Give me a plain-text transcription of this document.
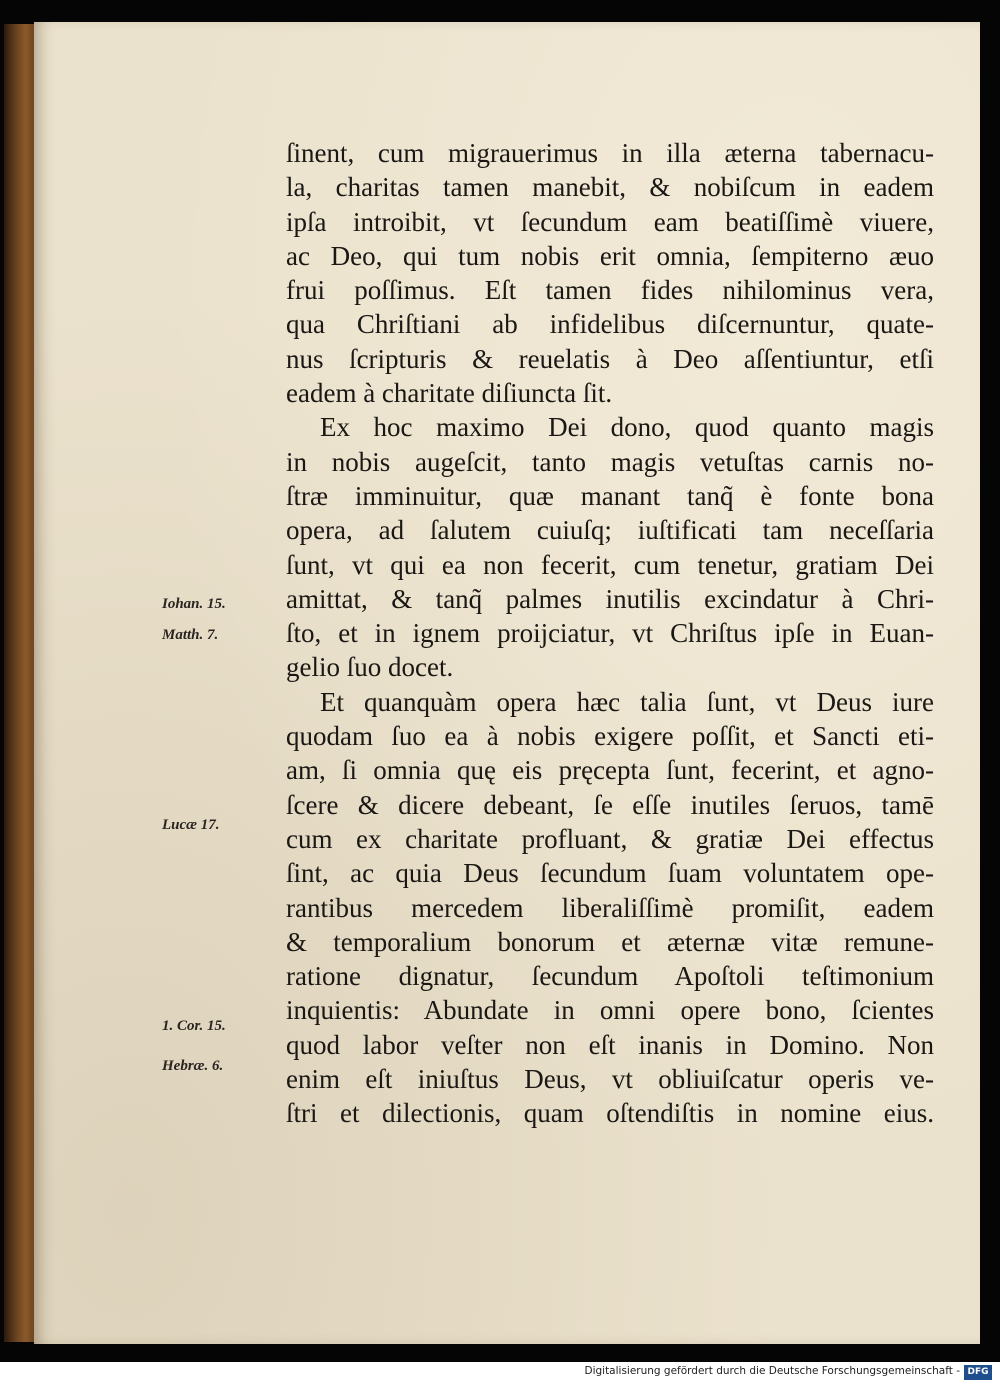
ſinent, cum migrauerimus in illa æterna tabernacu-
la, charitas tamen manebit, & nobiſcum in eadem
ipſa introibit, vt ſecundum eam beatiſſimè viuere,
ac Deo, qui tum nobis erit omnia, ſempiterno æuo
frui poſſimus. Eſt tamen fides nihilominus vera,
qua Chriſtiani ab infidelibus diſcernuntur, quate-
nus ſcripturis & reuelatis à Deo aſſentiuntur, etſi
eadem à charitate diſiuncta ſit.
Ex hoc maximo Dei dono, quod quanto magis
in nobis augeſcit, tanto magis vetuſtas carnis no-
ſtræ imminuitur, quæ manant tanq̃ è fonte bona
opera, ad ſalutem cuiuſq; iuſtificati tam neceſſaria
ſunt, vt qui ea non fecerit, cum tenetur, gratiam Dei
amittat, & tanq̃ palmes inutilis excindatur à Chri-
ſto, et in ignem proijciatur, vt Chriſtus ipſe in Euan-
gelio ſuo docet.
Et quanquàm opera hæc talia ſunt, vt Deus iure
quodam ſuo ea à nobis exigere poſſit, et Sancti eti-
am, ſi omnia quę eis pręcepta ſunt, fecerint, et agno-
ſcere & dicere debeant, ſe eſſe inutiles ſeruos, tamē
cum ex charitate profluant, & gratiæ Dei effectus
ſint, ac quia Deus ſecundum ſuam voluntatem ope-
rantibus mercedem liberaliſſimè promiſit, eadem
& temporalium bonorum et æternæ vitæ remune-
ratione dignatur, ſecundum Apoſtoli teſtimonium
inquientis: Abundate in omni opere bono, ſcientes
quod labor veſter non eſt inanis in Domino. Non
enim eſt iniuſtus Deus, vt obliuiſcatur operis ve-
ſtri et dilectionis, quam oſtendiſtis in nomine eius.
Iohan. 15.
Matth. 7.
Lucæ 17.
1. Cor. 15.
Hebræ. 6.
Digitalisierung gefördert durch die Deutsche Forschungsgemeinschaft - DFG
